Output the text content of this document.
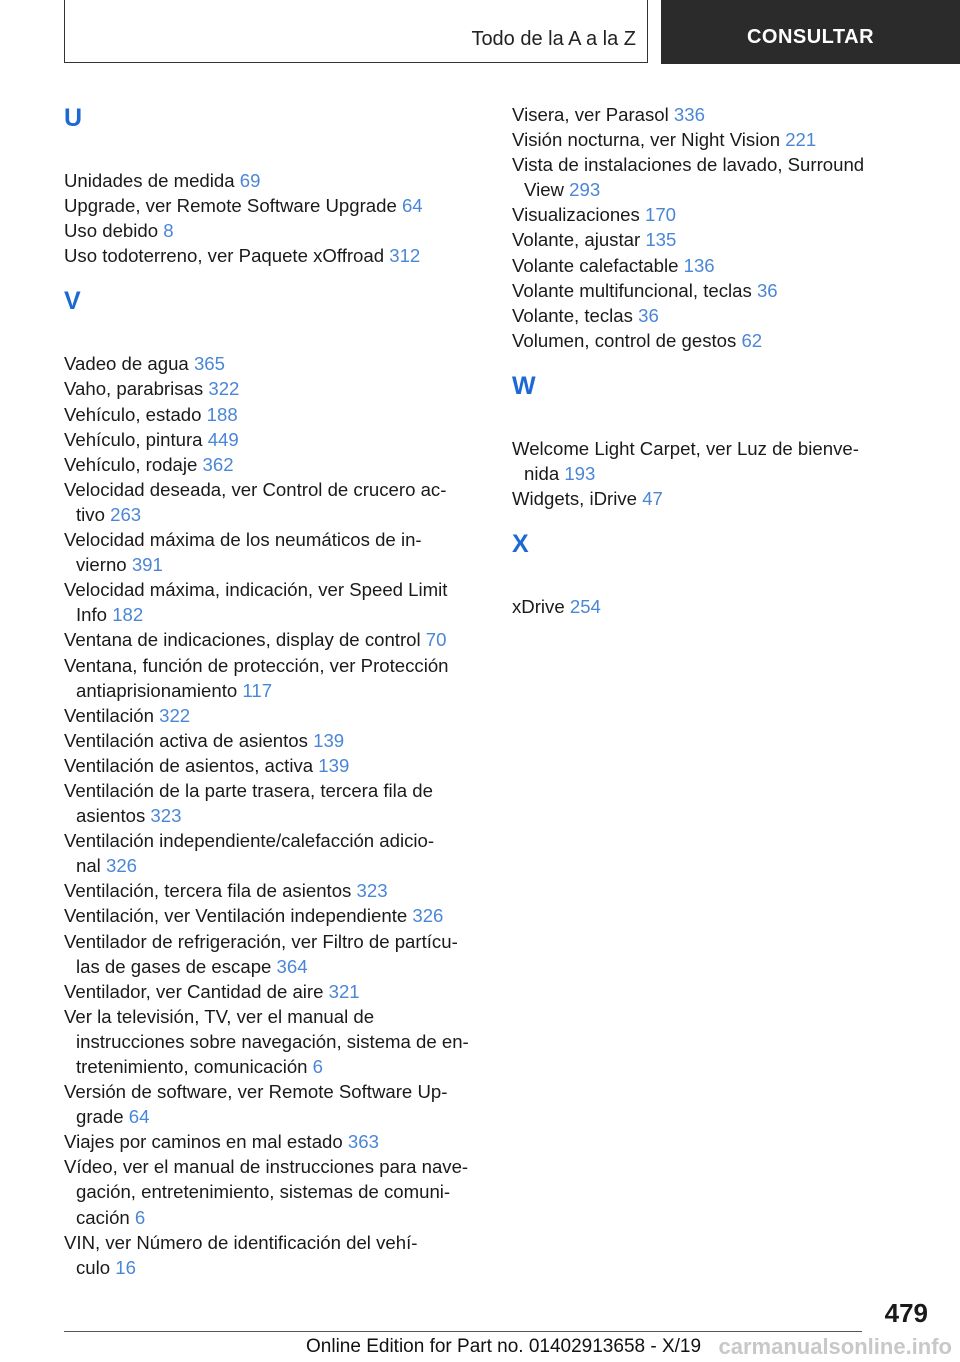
Todo de la A a la Z	CONSULTAR
U
Unidades de medida 69
Upgrade, ver Remote Software Upgrade 64
Uso debido 8
Uso todoterreno, ver Paquete xOffroad 312
V
Vadeo de agua 365
Vaho, parabrisas 322
Vehículo, estado 188
Vehículo, pintura 449
Vehículo, rodaje 362
Velocidad deseada, ver Control de crucero ac-
tivo 263
Velocidad máxima de los neumáticos de in-
vierno 391
Velocidad máxima, indicación, ver Speed Limit
Info 182
Ventana de indicaciones, display de control 70
Ventana, función de protección, ver Protección
antiaprisionamiento 117
Ventilación 322
Ventilación activa de asientos 139
Ventilación de asientos, activa 139
Ventilación de la parte trasera, tercera fila de
asientos 323
Ventilación independiente/calefacción adicio-
nal 326
Ventilación, tercera fila de asientos 323
Ventilación, ver Ventilación independiente 326
Ventilador de refrigeración, ver Filtro de partícu-
las de gases de escape 364
Ventilador, ver Cantidad de aire 321
Ver la televisión, TV, ver el manual de
instrucciones sobre navegación, sistema de en-
tretenimiento, comunicación 6
Versión de software, ver Remote Software Up-
grade 64
Viajes por caminos en mal estado 363
Vídeo, ver el manual de instrucciones para nave-
gación, entretenimiento, sistemas de comuni-
cación 6
VIN, ver Número de identificación del vehí-
culo 16
Visera, ver Parasol 336
Visión nocturna, ver Night Vision 221
Vista de instalaciones de lavado, Surround
View 293
Visualizaciones 170
Volante, ajustar 135
Volante calefactable 136
Volante multifuncional, teclas 36
Volante, teclas 36
Volumen, control de gestos 62
W
Welcome Light Carpet, ver Luz de bienve-
nida 193
Widgets, iDrive 47
X
xDrive 254
479
Online Edition for Part no. 01402913658 - X/19 carmanualsonline.info
